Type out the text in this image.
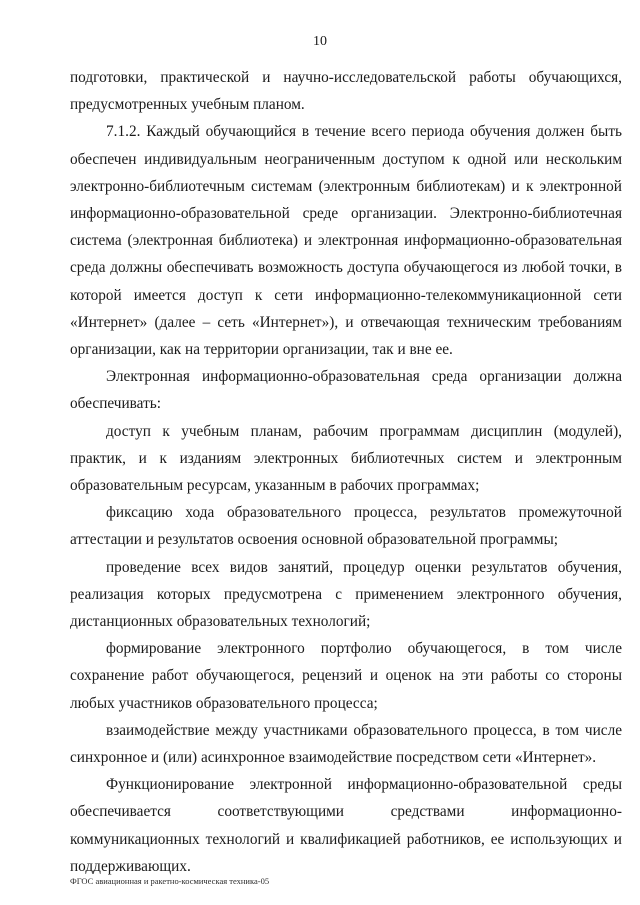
10

подготовки, практической и научно-исследовательской работы обучающихся, предусмотренных учебным планом.

7.1.2. Каждый обучающийся в течение всего периода обучения должен быть обеспечен индивидуальным неограниченным доступом к одной или нескольким электронно-библиотечным системам (электронным библиотекам) и к электронной информационно-образовательной среде организации. Электронно-библиотечная система (электронная библиотека) и электронная информационно-образовательная среда должны обеспечивать возможность доступа обучающегося из любой точки, в которой имеется доступ к сети информационно-телекоммуникационной сети «Интернет» (далее – сеть «Интернет»), и отвечающая техническим требованиям организации, как на территории организации, так и вне ее.

Электронная информационно-образовательная среда организации должна обеспечивать:

доступ к учебным планам, рабочим программам дисциплин (модулей), практик, и к изданиям электронных библиотечных систем и электронным образовательным ресурсам, указанным в рабочих программах;

фиксацию хода образовательного процесса, результатов промежуточной аттестации и результатов освоения основной образовательной программы;

проведение всех видов занятий, процедур оценки результатов обучения, реализация которых предусмотрена с применением электронного обучения, дистанционных образовательных технологий;

формирование электронного портфолио обучающегося, в том числе сохранение работ обучающегося, рецензий и оценок на эти работы со стороны любых участников образовательного процесса;

взаимодействие между участниками образовательного процесса, в том числе синхронное и (или) асинхронное взаимодействие посредством сети «Интернет».

Функционирование электронной информационно-образовательной среды обеспечивается соответствующими средствами информационно-коммуникационных технологий и квалификацией работников, ее использующих и поддерживающих.

ФГОС авиационная и ракетно-космическая техника-05
